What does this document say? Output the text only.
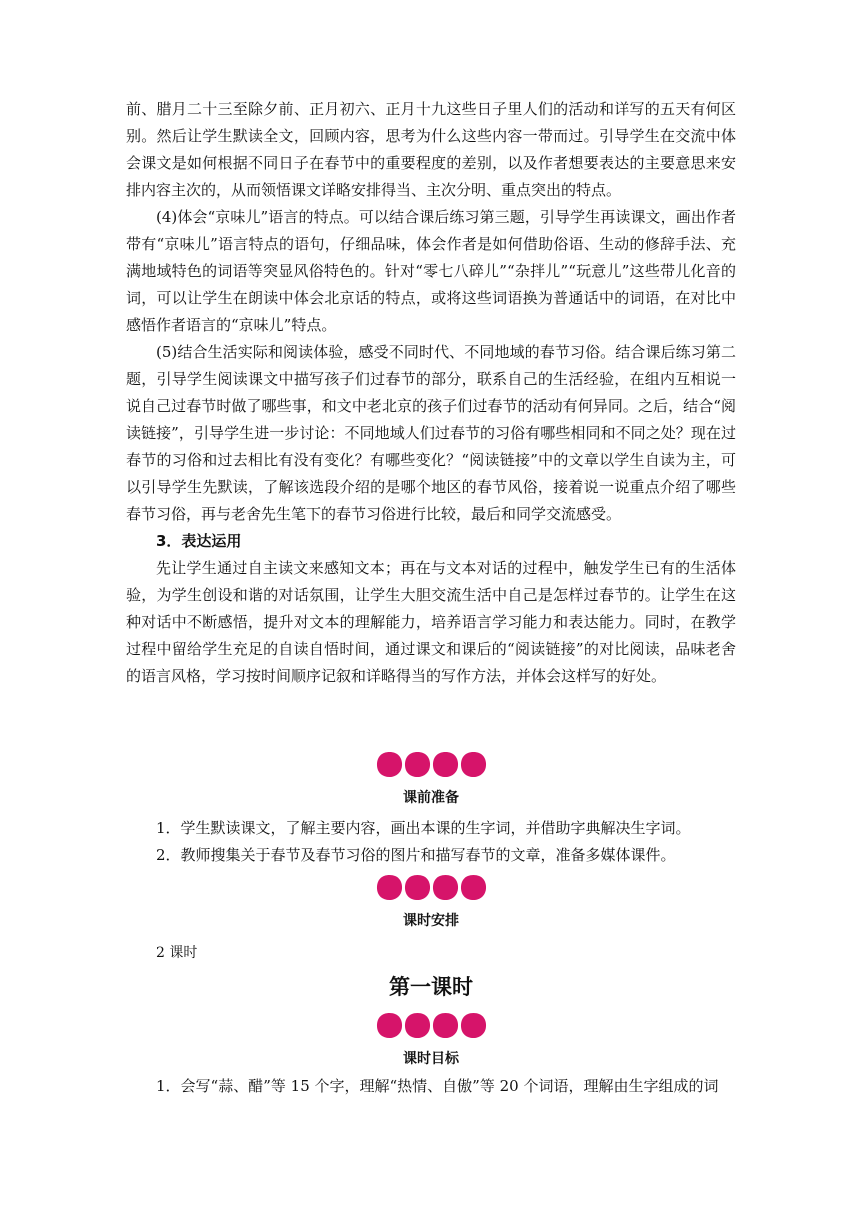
前、腊月二十三至除夕前、正月初六、正月十九这些日子里人们的活动和详写的五天有何区别。然后让学生默读全文，回顾内容，思考为什么这些内容一带而过。引导学生在交流中体会课文是如何根据不同日子在春节中的重要程度的差别，以及作者想要表达的主要意思来安排内容主次的，从而领悟课文详略安排得当、主次分明、重点突出的特点。

(4)体会“京味儿”语言的特点。可以结合课后练习第三题，引导学生再读课文，画出作者带有“京味儿”语言特点的语句，仔细品味，体会作者是如何借助俗语、生动的修辞手法、充满地域特色的词语等突显风俗特色的。针对“零七八碎儿”“杂拌儿”“玩意儿”这些带儿化音的词，可以让学生在朗读中体会北京话的特点，或将这些词语换为普通话中的词语，在对比中感悟作者语言的“京味儿”特点。

(5)结合生活实际和阅读体验，感受不同时代、不同地域的春节习俗。结合课后练习第二题，引导学生阅读课文中描写孩子们过春节的部分，联系自己的生活经验，在组内互相说一说自己过春节时做了哪些事，和文中老北京的孩子们过春节的活动有何异同。之后，结合“阅读链接”，引导学生进一步讨论：不同地域人们过春节的习俗有哪些相同和不同之处？现在过春节的习俗和过去相比有没有变化？有哪些变化？“阅读链接”中的文章以学生自读为主，可以引导学生先默读，了解该选段介绍的是哪个地区的春节风俗，接着说一说重点介绍了哪些春节习俗，再与老舍先生笔下的春节习俗进行比较，最后和同学交流感受。

3．表达运用

先让学生通过自主读文来感知文本；再在与文本对话的过程中，触发学生已有的生活体验，为学生创设和谐的对话氛围，让学生大胆交流生活中自己是怎样过春节的。让学生在这种对话中不断感悟，提升对文本的理解能力，培养语言学习能力和表达能力。同时，在教学过程中留给学生充足的自读自悟时间，通过课文和课后的“阅读链接”的对比阅读，品味老舍的语言风格，学习按时间顺序记叙和详略得当的写作方法，并体会这样写的好处。

课前准备

1．学生默读课文，了解主要内容，画出本课的生字词，并借助字典解决生字词。

2．教师搜集关于春节及春节习俗的图片和描写春节的文章，准备多媒体课件。

课时安排
2 课时
第一课时
课时目标

1．会写“蒜、醋”等 15 个字，理解“热情、自傲”等 20 个词语，理解由生字组成的词
